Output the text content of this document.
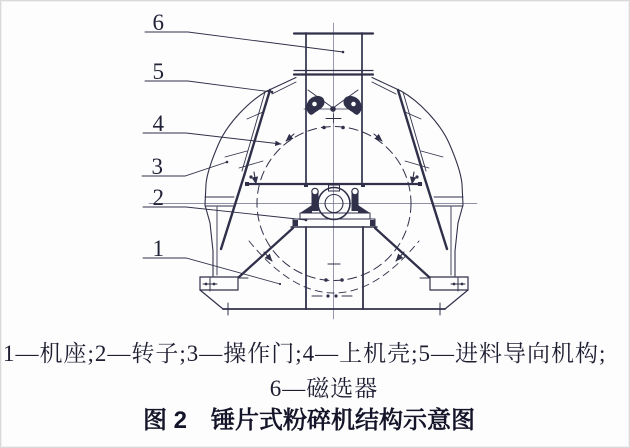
6
5
4
3
2
1
1—机座;2—转子;3—操作门;4—上机壳;5—进料导向机构;
6—磁选器
图 2　锤片式粉碎机结构示意图
